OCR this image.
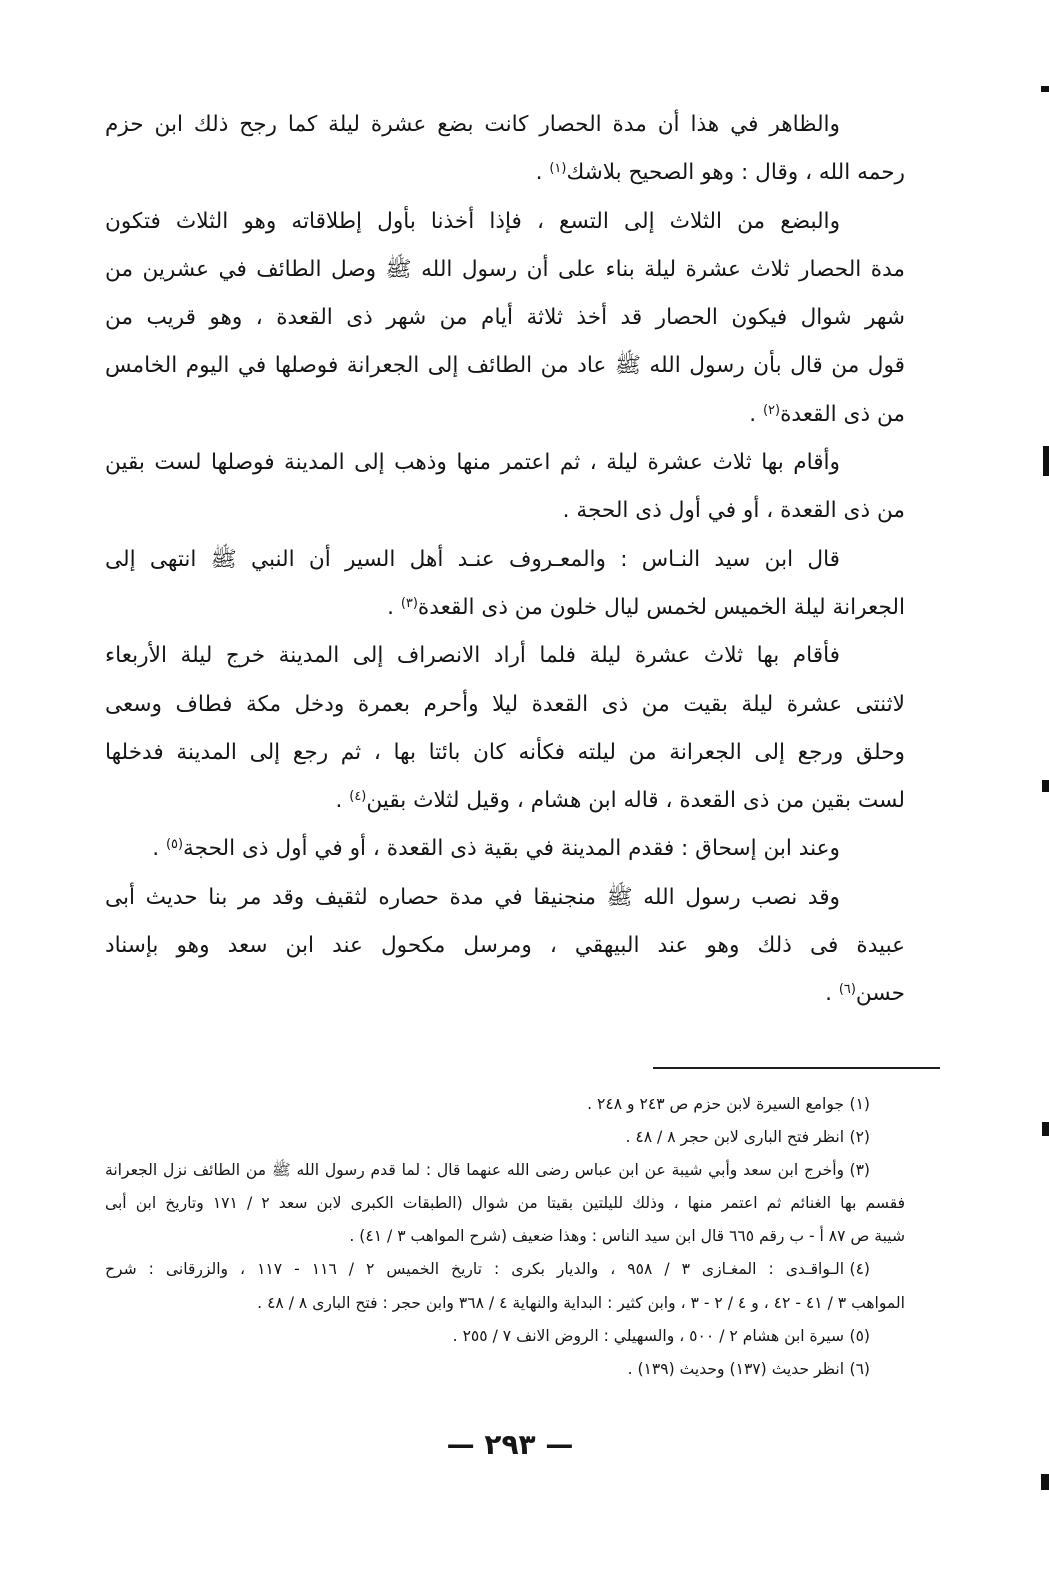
والظاهر في هذا أن مدة الحصار كانت بضع عشرة ليلة كما رجح ذلك ابن حزم
رحمه الله ، وقال : وهو الصحيح بلاشك$^{(١)}$ .
والبضع من الثلاث إلى التسع ، فإذا أخذنا بأول إطلاقاته وهو الثلاث فتكون
مدة الحصار ثلاث عشرة ليلة بناء على أن رسول الله ﷺ وصل الطائف في عشرين من
شهر شوال فيكون الحصار قد أخذ ثلاثة أيام من شهر ذى القعدة ، وهو قريب من
قول من قال بأن رسول الله ﷺ عاد من الطائف إلى الجعرانة فوصلها في اليوم الخامس
من ذى القعدة$^{(٢)}$ .
وأقام بها ثلاث عشرة ليلة ، ثم اعتمر منها وذهب إلى المدينة فوصلها لست بقين
من ذى القعدة ، أو في أول ذى الحجة .
قال ابن سيد النـاس : والمعـروف عنـد أهل السير أن النبي ﷺ انتهى إلى
الجعرانة ليلة الخميس لخمس ليال خلون من ذى القعدة$^{(٣)}$ .
فأقام بها ثلاث عشرة ليلة فلما أراد الانصراف إلى المدينة خرج ليلة الأربعاء
لاثنتى عشرة ليلة بقيت من ذى القعدة ليلا وأحرم بعمرة ودخل مكة فطاف وسعى
وحلق ورجع إلى الجعرانة من ليلته فكأنه كان بائتا بها ، ثم رجع إلى المدينة فدخلها
لست بقين من ذى القعدة ، قاله ابن هشام ، وقيل لثلاث بقين$^{(٤)}$ .
وعند ابن إسحاق : فقدم المدينة في بقية ذى القعدة ، أو في أول ذى الحجة$^{(٥)}$ .
وقد نصب رسول الله ﷺ منجنيقا في مدة حصاره لثقيف وقد مر بنا حديث أبى
عبيدة فى ذلك وهو عند البيهقي ، ومرسل مكحول عند ابن سعد وهو بإسناد
حسن$^{(٦)}$ .
(١)جوامع السيرة لابن حزم ص ٢٤٣ و ٢٤٨ .
(٢)انظر فتح البارى لابن حجر ٨ / ٤٨ .
(٣)وأخرج ابن سعد وأبي شيبة عن ابن عباس رضى الله عنهما قال : لما قدم رسول الله ﷺ من الطائف نزل الجعرانة
فقسم بها الغنائم ثم اعتمر منها ، وذلك لليلتين بقيتا من شوال (الطبقات الكبرى لابن سعد ٢ / ١٧١ وتاريخ ابن أبى
شيبة ص ٨٧ أ - ب رقم ٦٦٥ قال ابن سيد الناس : وهذا ضعيف (شرح المواهب ٣ / ٤١) .
(٤)الـواقـدى : المغـازى ٣ / ٩٥٨ ، والديار بكرى : تاريخ الخميس ٢ / ١١٦ - ١١٧ ، والزرقانى : شرح
المواهب ٣ / ٤١ - ٤٢ ، و ٤ / ٢ - ٣ ، وابن كثير : البداية والنهاية ٤ / ٣٦٨ وابن حجر : فتح البارى ٨ / ٤٨ .
(٥)سيرة ابن هشام ٢ / ٥٠٠ ، والسهيلي : الروض الانف ٧ / ٢٥٥ .
(٦)انظر حديث (١٣٧) وحديث (١٣٩) .
— ٢٩٣ —
